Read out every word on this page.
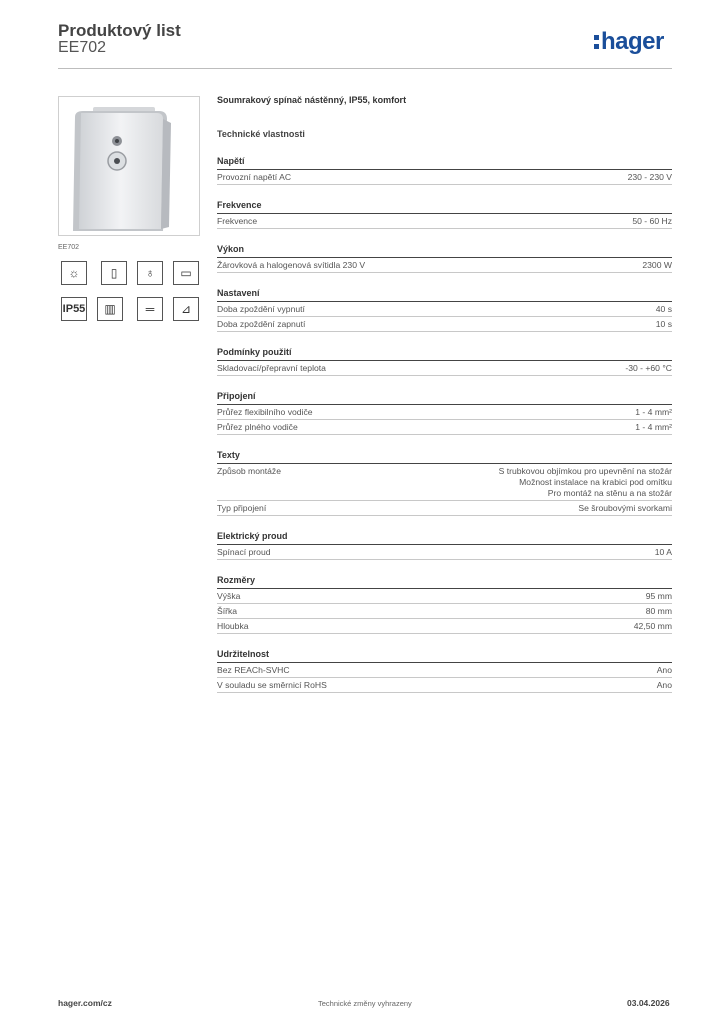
Produktový list
EE702	hager
EE702
☼	▯	♁	▭
IP55	▥	═	⊿
Soumrakový spínač nástěnný, IP55, komfort
Technické vlastnosti
Napětí
Provozní napětí AC	230 - 230 V
Frekvence
Frekvence	50 - 60 Hz
Výkon
Žárovková a halogenová svítidla 230 V	2300 W
Nastavení
Doba zpoždění vypnutí	40 s
Doba zpoždění zapnutí	10 s
Podmínky použití
Skladovací/přepravní teplota	-30 - +60 °C
Připojení
Průřez flexibilního vodiče	1 - 4 mm²
Průřez plného vodiče	1 - 4 mm²
Texty
Způsob montáže	S trubkovou objímkou pro upevnění na stožár
Možnost instalace na krabici pod omítku
Pro montáž na stěnu a na stožár
Typ připojení	Se šroubovými svorkami
Elektrický proud
Spínací proud	10 A
Rozměry
Výška	95 mm
Šířka	80 mm
Hloubka	42,50 mm
Udržitelnost
Bez REACh-SVHC	Ano
V souladu se směrnicí RoHS	Ano
hager.com/cz	Technické změny vyhrazeny	03.04.2026
